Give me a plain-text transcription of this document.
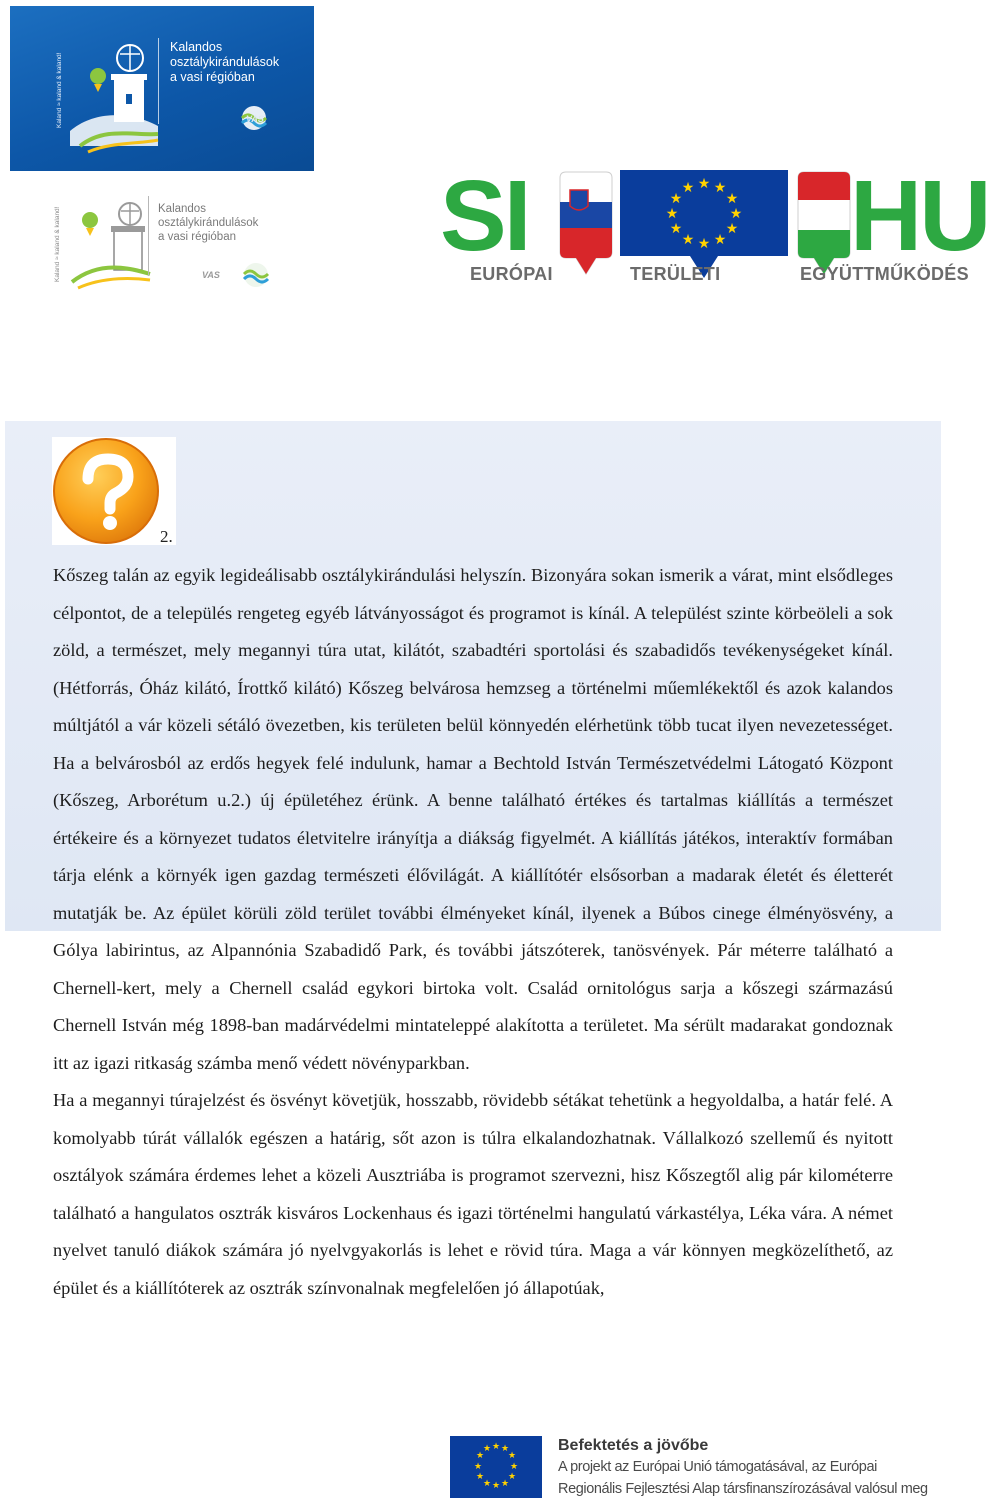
Kalandos
osztálykirándulások
a vasi régióban
VAS
Kaland ≈ kaland & kaland!
Kalandos
osztálykirándulások
a vasi régióban
VAS
Kaland ≈ kaland & kaland!	SI	★ ★
★
★
★
★
★
★
★
★
★
★ HU
EURÓPAI	TERÜLETI	EGYÜTTMŰKÖDÉS
2.

Kőszeg talán az egyik legideálisabb osztálykirándulási helyszín. Bizonyára sokan ismerik a várat, mint elsődleges célpontot, de a település rengeteg egyéb látványosságot és programot is kínál. A települést szinte körbeöleli a sok zöld, a természet, mely megannyi túra utat, kilátót, szabadtéri sportolási és szabadidős tevékenységeket kínál. (Hétforrás, Óház kilátó, Írottkő kilátó) Kőszeg belvárosa hemzseg a történelmi műemlékektől és azok kalandos múltjától a vár közeli sétáló övezetben, kis területen belül könnyedén elérhetünk több tucat ilyen nevezetességet. Ha a belvárosból az erdős hegyek felé indulunk, hamar a Bechtold István Természetvédelmi Látogató Központ (Kőszeg, Arborétum u.2.) új épületéhez érünk. A benne található értékes és tartalmas kiállítás a természet értékeire és a környezet tudatos életvitelre irányítja a diákság figyelmét. A kiállítás játékos, interaktív formában tárja elénk a környék igen gazdag természeti élővilágát. A kiállítótér elsősorban a madarak életét és életterét mutatják be. Az épület körüli zöld terület további élményeket kínál, ilyenek a Búbos cinege élményösvény, a Gólya labirintus, az Alpannónia Szabadidő Park, és további játszóterek, tanösvények. Pár méterre található a Chernell-kert, mely a Chernell család egykori birtoka volt. Család ornitológus sarja a kőszegi származású Chernell István még 1898-ban madárvédelmi mintateleppé alakította a területet. Ma sérült madarakat gondoznak itt az igazi ritkaság számba menő védett növényparkban.

Ha a megannyi túrajelzést és ösvényt követjük, hosszabb, rövidebb sétákat tehetünk a hegyoldalba, a határ felé. A komolyabb túrát vállalók egészen a határig, sőt azon is túlra elkalandozhatnak. Vállalkozó szellemű és nyitott osztályok számára érdemes lehet a közeli Ausztriába is programot szervezni, hisz Kőszegtől alig pár kilométerre található a hangulatos osztrák kisváros Lockenhaus és igazi történelmi hangulatú várkastélya, Léka vára. A német nyelvet tanuló diákok számára jó nyelvgyakorlás is lehet e rövid túra. Maga a vár könnyen megközelíthető, az épület és a kiállítóterek az osztrák színvonalnak megfelelően jó állapotúak,

★ ★
★
★
★
★
★
★
★
★
★
★	Befektetés a jövőbe
A projekt az Európai Unió támogatásával, az Európai
Regionális Fejlesztési Alap társfinanszírozásával valósul meg
